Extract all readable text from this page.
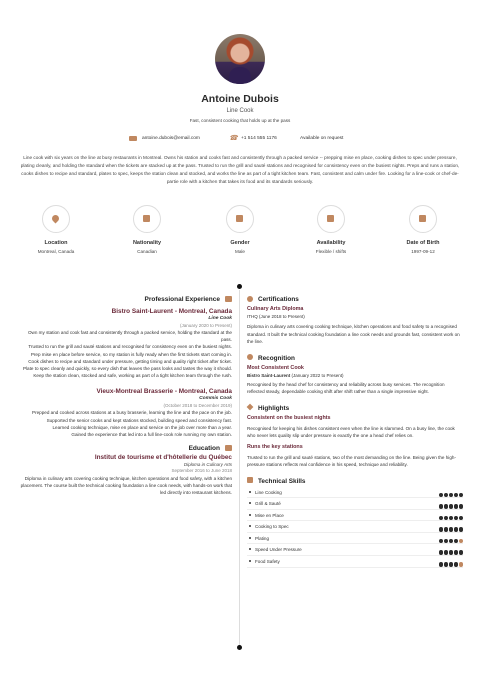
Antoine Dubois
Line Cook
Fast, consistent cooking that holds up at the pass
antoine.dubois@email.com	☎ +1 514 555 1176	Available on request
Line cook with six years on the line at busy restaurants in Montreal. Owns his station and cooks fast and consistently through a packed service -- prepping mise en place, cooking dishes to spec under pressure, plating cleanly, and holding the standard when the tickets are stacked up at the pass. Trusted to run the grill and sauté stations and recognised for consistency even on the busiest nights. Preps and runs a station, cooks dishes to recipe and standard, plates to spec, keeps the station clean and stocked, and works the line as part of a tight kitchen team. Fast, consistent and calm under fire. Looking for a line-cook or chef-de-partie role with a kitchen that takes its food and its standards seriously.
Location
Montreal, Canada
Nationality
Canadian
Gender
Male
Availability
Flexible / shifts
Date of Birth
1997-09-12
Professional Experience
Bistro Saint-Laurent - Montreal, Canada
Line Cook
(January 2020 to Present)
Own my station and cook fast and consistently through a packed service, holding the standard at the pass.
Trusted to run the grill and sauté stations and recognised for consistency even on the busiest nights.
Prep mise en place before service, so my station is fully ready when the first tickets start coming in.
Cook dishes to recipe and standard under pressure, getting timing and quality right ticket after ticket.
Plate to spec cleanly and quickly, so every dish that leaves the pass looks and tastes the way it should.
Keep the station clean, stocked and safe, working as part of a tight kitchen team through the rush.
Vieux-Montreal Brasserie - Montreal, Canada
Commis Cook
(October 2018 to December 2019)
Prepped and cooked across stations at a busy brasserie, learning the line and the pace on the job.
Supported the senior cooks and kept stations stocked, building speed and consistency fast.
Learned cooking technique, mise en place and service on the job over more than a year.
Gained the experience that led into a full line-cook role running my own station.
Education
Institut de tourisme et d'hôtellerie du Québec
Diploma in Culinary Arts
September 2016 to June 2018
Diploma in culinary arts covering cooking technique, kitchen operations and food safety, with a kitchen placement. The course built the technical cooking foundation a line cook needs, with hands-on work that led directly into restaurant kitchens.
Certifications
Culinary Arts Diploma
ITHQ (June 2018 to Present)
Diploma in culinary arts covering cooking technique, kitchen operations and food safety to a recognised standard. It built the technical cooking foundation a line cook needs and grounds fast, consistent work on the line.
Recognition
Most Consistent Cook
Bistro Saint-Laurent (January 2022 to Present)
Recognised by the head chef for consistency and reliability across busy services. The recognition reflected steady, dependable cooking shift after shift rather than a single impressive night.
Highlights
Consistent on the busiest nights
Recognised for keeping his dishes consistent even when the line is slammed. On a busy line, the cook who never lets quality slip under pressure is exactly the one a head chef relies on.
Runs the key stations
Trusted to run the grill and sauté stations, two of the most demanding on the line. Being given the high-pressure stations reflects real confidence in his speed, technique and reliability.
Technical Skills
Line Cooking
Grill & Sauté
Mise en Place
Cooking to Spec
Plating
Speed Under Pressure
Food Safety
